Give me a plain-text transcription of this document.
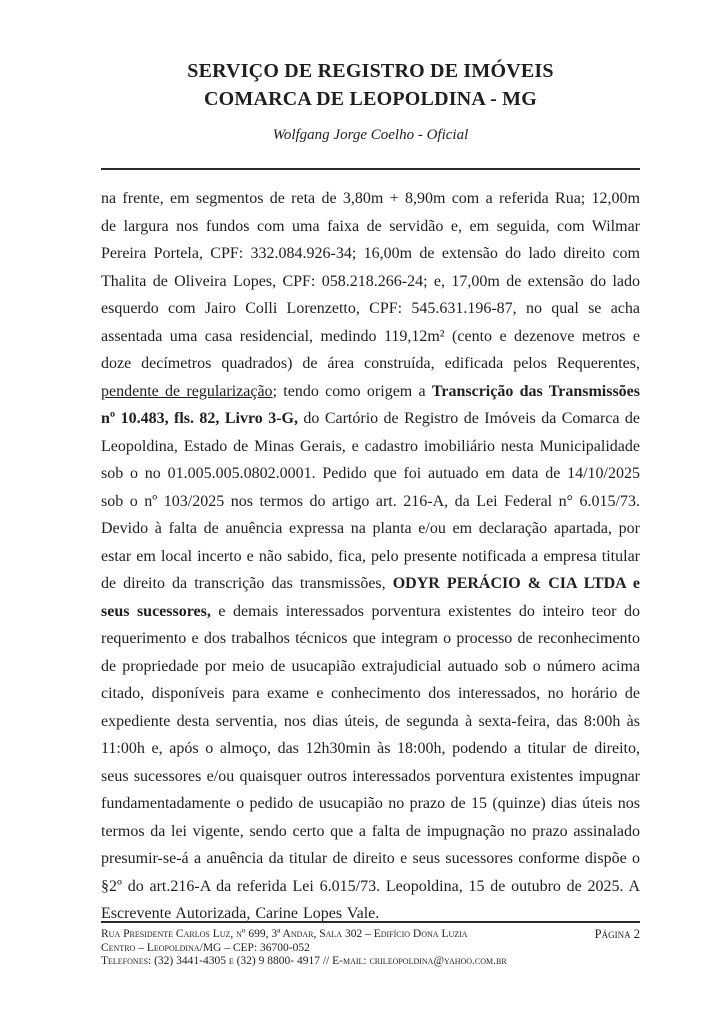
SERVIÇO DE REGISTRO DE IMÓVEIS
COMARCA DE LEOPOLDINA - MG
Wolfgang Jorge Coelho - Oficial

na frente, em segmentos de reta de 3,80m + 8,90m com a referida Rua; 12,00m de largura nos fundos com uma faixa de servidão e, em seguida, com Wilmar Pereira Portela, CPF: 332.084.926-34; 16,00m de extensão do lado direito com Thalita de Oliveira Lopes, CPF: 058.218.266-24; e, 17,00m de extensão do lado esquerdo com Jairo Colli Lorenzetto, CPF: 545.631.196-87, no qual se acha assentada uma casa residencial, medindo 119,12m² (cento e dezenove metros e doze decímetros quadrados) de área construída, edificada pelos Requerentes, pendente de regularização; tendo como origem a Transcrição das Transmissões nº 10.483, fls. 82, Livro 3-G, do Cartório de Registro de Imóveis da Comarca de Leopoldina, Estado de Minas Gerais, e cadastro imobiliário nesta Municipalidade sob o no 01.005.005.0802.0001. Pedido que foi autuado em data de 14/10/2025 sob o nº 103/2025 nos termos do artigo art. 216-A, da Lei Federal n° 6.015/73. Devido à falta de anuência expressa na planta e/ou em declaração apartada, por estar em local incerto e não sabido, fica, pelo presente notificada a empresa titular de direito da transcrição das transmissões, ODYR PERÁCIO & CIA LTDA e seus sucessores, e demais interessados porventura existentes do inteiro teor do requerimento e dos trabalhos técnicos que integram o processo de reconhecimento de propriedade por meio de usucapião extrajudicial autuado sob o número acima citado, disponíveis para exame e conhecimento dos interessados, no horário de expediente desta serventia, nos dias úteis, de segunda à sexta-feira, das 8:00h às 11:00h e, após o almoço, das 12h30min às 18:00h, podendo a titular de direito, seus sucessores e/ou quaisquer outros interessados porventura existentes impugnar fundamentadamente o pedido de usucapião no prazo de 15 (quinze) dias úteis nos termos da lei vigente, sendo certo que a falta de impugnação no prazo assinalado presumir-se-á a anuência da titular de direito e seus sucessores conforme dispõe o §2º do art.216-A da referida Lei 6.015/73. Leopoldina, 15 de outubro de 2025. A Escrevente Autorizada, Carine Lopes Vale.

Rua Presidente Carlos Luz, nº 699, 3ª Andar, Sala 302 – Edifício Dona Luzia

Centro – Leopoldina/MG – CEP: 36700-052

Telefones: (32) 3441-4305 e (32) 9 8800- 4917 // E-mail: crileopoldina@yahoo.com.br

Página 2
